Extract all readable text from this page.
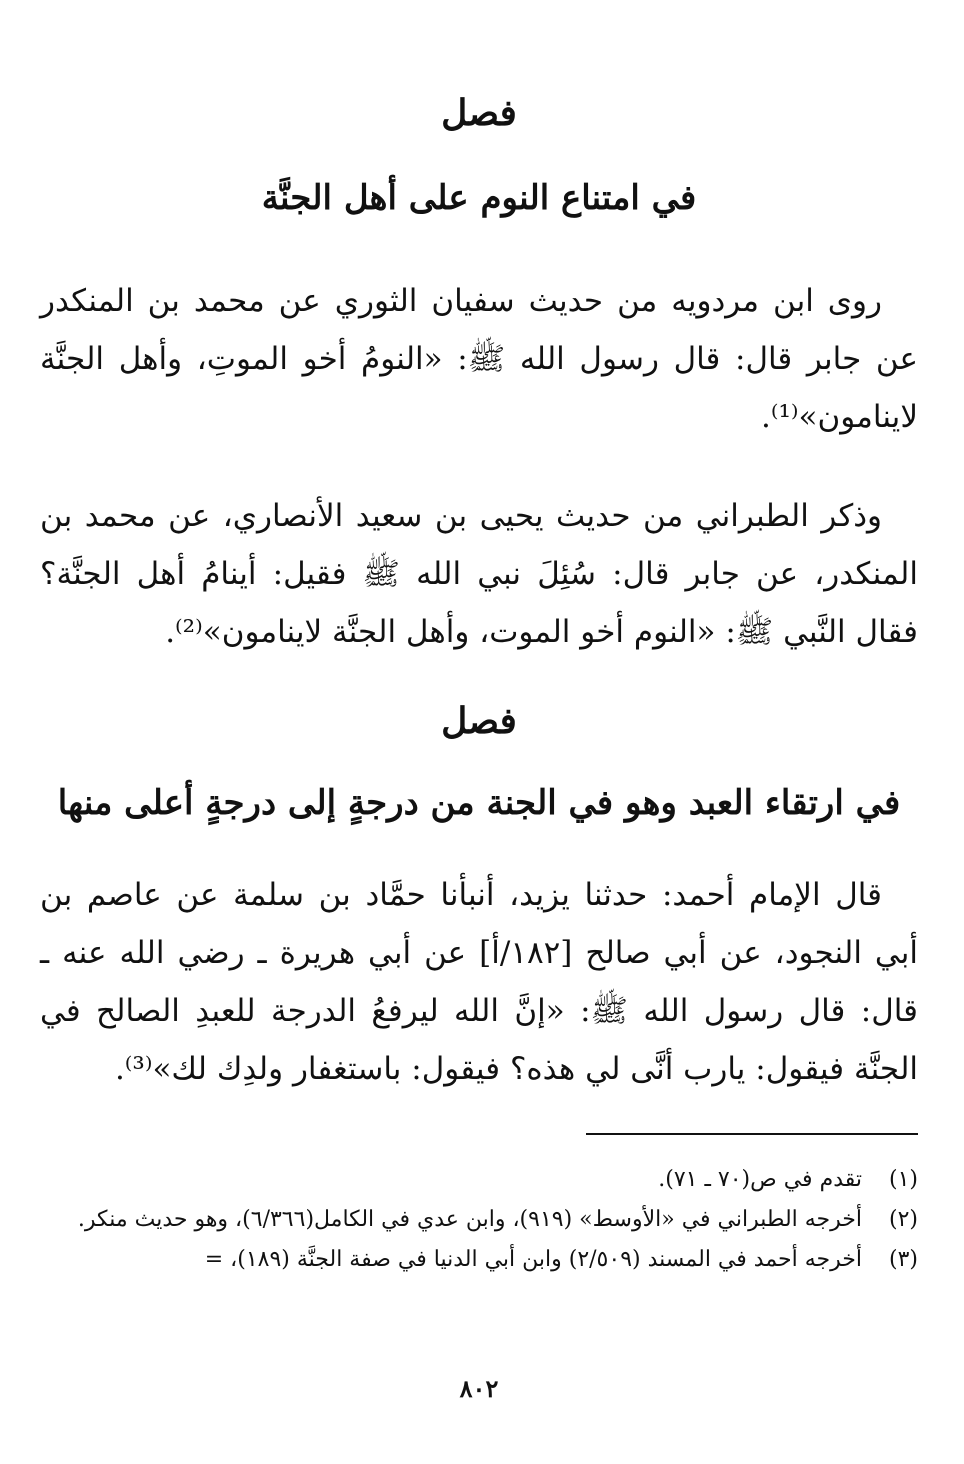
فصل
في امتناع النوم على أهل الجنَّة

روى ابن مردويه من حديث سفيان الثوري عن محمد بن المنكدر عن جابر قال: قال رسول الله ﷺ: «النومُ أخو الموتِ، وأهل الجنَّة لاينامون»⁽¹⁾.

وذكر الطبراني من حديث يحيى بن سعيد الأنصاري، عن محمد بن المنكدر، عن جابر قال: سُئِلَ نبي الله ﷺ فقيل: أينامُ أهل الجنَّة؟ فقال النَّبي ﷺ: «النوم أخو الموت، وأهل الجنَّة لاينامون»⁽²⁾.

فصل
في ارتقاء العبد وهو في الجنة من درجةٍ إلى درجةٍ أعلى منها

قال الإمام أحمد: حدثنا يزيد، أنبأنا حمَّاد بن سلمة عن عاصم بن أبي النجود، عن أبي صالح [١٨٢/أ] عن أبي هريرة ـ رضي الله عنه ـ قال: قال رسول الله ﷺ: «إنَّ الله ليرفعُ الدرجة للعبدِ الصالح في الجنَّة فيقول: يارب أنَّى لي هذه؟ فيقول: باستغفار ولدِك لك»⁽³⁾.

(١)
تقدم في ص(٧٠ ـ ٧١).
(٢)
أخرجه الطبراني في «الأوسط» (٩١٩)، وابن عدي في الكامل(٦/٣٦٦)، وهو حديث منكر.
(٣)
أخرجه أحمد في المسند (٢/٥٠٩) وابن أبي الدنيا في صفة الجنَّة (١٨٩)، =
٨٠٢
